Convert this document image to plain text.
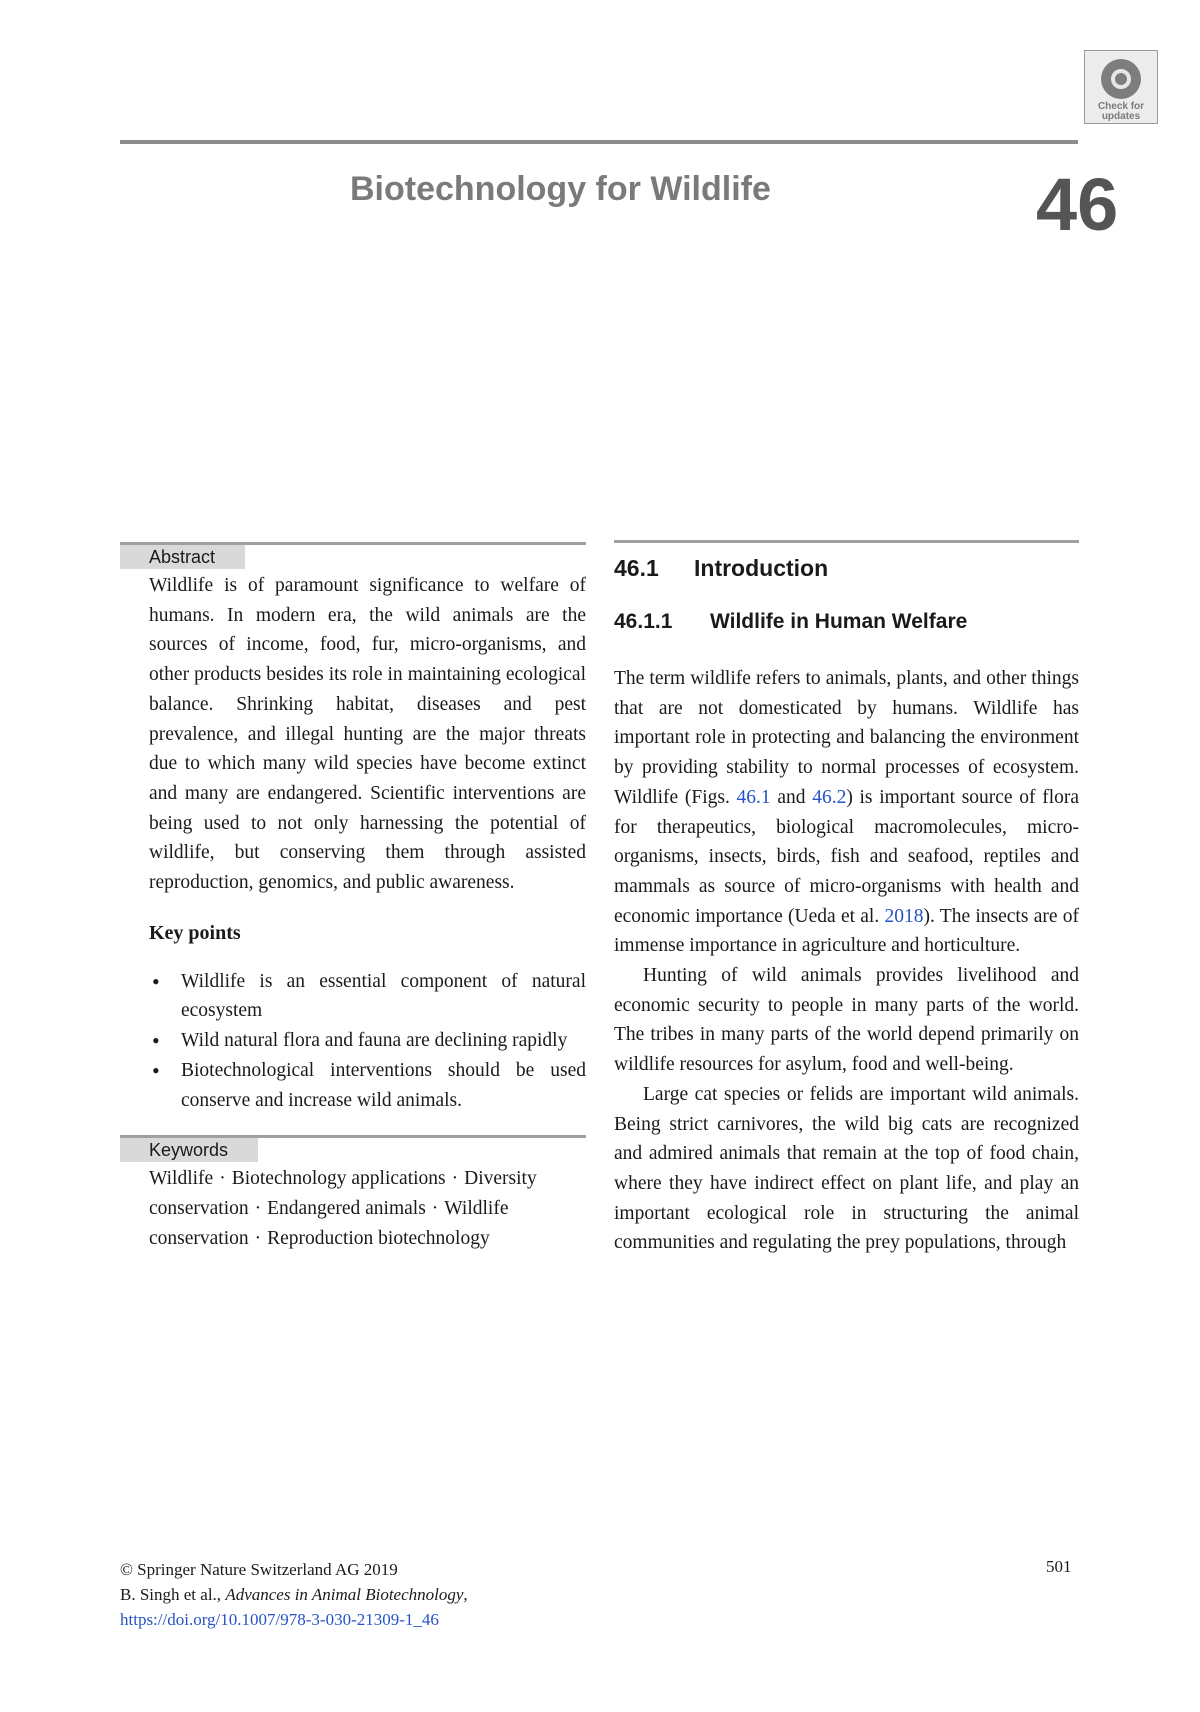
Check for updates
Biotechnology for Wildlife	46
Abstract
Wildlife is of paramount significance to welfare of humans. In modern era, the wild animals are the sources of income, food, fur, micro-organisms, and other products besides its role in maintaining ecological balance. Shrinking habitat, diseases and pest prevalence, and illegal hunting are the major threats due to which many wild species have become extinct and many are endangered. Scientific interventions are being used to not only harnessing the potential of wildlife, but conserving them through assisted reproduction, genomics, and public awareness.
Key points
• Wildlife is an essential component of natural ecosystem
• Wild natural flora and fauna are declining rapidly
• Biotechnological interventions should be used conserve and increase wild animals.
Keywords
Wildlife · Biotechnology applications · Diversity conservation · Endangered animals · Wildlife conservation · Reproduction biotechnology
46.1 Introduction
46.1.1 Wildlife in Human Welfare

The term wildlife refers to animals, plants, and other things that are not domesticated by humans. Wildlife has important role in protecting and balancing the environment by providing stability to normal processes of ecosystem. Wildlife (Figs. 46.1 and 46.2) is important source of flora for therapeutics, biological macromolecules, micro-organisms, insects, birds, fish and seafood, reptiles and mammals as source of micro-organisms with health and economic importance (Ueda et al. 2018). The insects are of immense importance in agriculture and horticulture.

Hunting of wild animals provides livelihood and economic security to people in many parts of the world. The tribes in many parts of the world depend primarily on wildlife resources for asylum, food and well-being.

Large cat species or felids are important wild animals. Being strict carnivores, the wild big cats are recognized and admired animals that remain at the top of food chain, where they have indirect effect on plant life, and play an important ecological role in structuring the animal communities and regulating the prey populations, through

© Springer Nature Switzerland AG 2019
B. Singh et al., Advances in Animal Biotechnology,
https://doi.org/10.1007/978-3-030-21309-1_46
501
